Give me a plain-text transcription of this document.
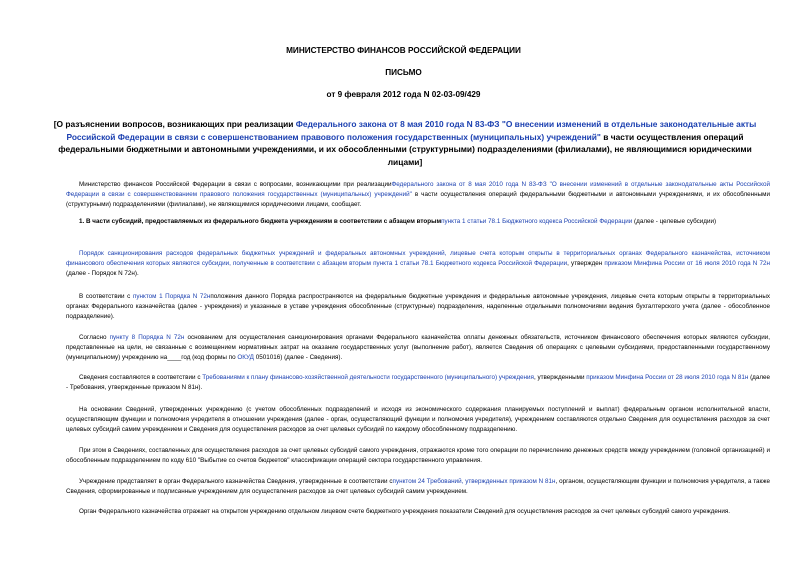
МИНИСТЕРСТВО ФИНАНСОВ РОССИЙСКОЙ ФЕДЕРАЦИИ
ПИСЬМО
от 9 февраля 2012 года N 02-03-09/429
[О разъяснении вопросов, возникающих при реализации Федерального закона от 8 мая 2010 года N 83-ФЗ "О внесении изменений в отдельные законодательные акты Российской Федерации в связи с совершенствованием правового положения государственных (муниципальных) учреждений" в части осуществления операций федеральными бюджетными и автономными учреждениями, и их обособленными (структурными) подразделениями (филиалами), не являющимися юридическими лицами]
Министерство финансов Российской Федерации в связи с вопросами, возникающими при реализацииФедерального закона от 8 мая 2010 года N 83-ФЗ "О внесении изменений в отдельные законодательные акты Российской Федерации в связи с совершенствованием правового положения государственных (муниципальных) учреждений" в части осуществления операций федеральными бюджетными и автономными учреждениями, и их обособленными (структурными) подразделениями (филиалами), не являющимися юридическими лицами, сообщает.
1. В части субсидий, предоставляемых из федерального бюджета учреждениям в соответствии с абзацем вторымпункта 1 статьи 78.1 Бюджетного кодекса Российской Федерации (далее - целевые субсидии)
Порядок санкционирования расходов федеральных бюджетных учреждений и федеральных автономных учреждений, лицевые счета которым открыты в территориальных органах Федерального казначейства, источником финансового обеспечения которых являются субсидии, полученные в соответствии с абзацем вторым пункта 1 статьи 78.1 Бюджетного кодекса Российской Федерации, утвержден приказом Минфина России от 16 июля 2010 года N 72н (далее - Порядок N 72н).
В соответствии с пунктом 1 Порядка N 72нположения данного Порядка распространяются на федеральные бюджетные учреждения и федеральные автономные учреждения, лицевые счета которым открыты в территориальных органах Федерального казначейства (далее - учреждения) и указанные в уставе учреждения обособленные (структурные) подразделения, наделенные отдельными полномочиями ведения бухгалтерского учета (далее - обособленное подразделение).
Согласно пункту 8 Порядка N 72н основанием для осуществления санкционирования органами Федерального казначейства оплаты денежных обязательств, источником финансового обеспечения которых являются субсидии, представленные на цели, не связанные с возмещением нормативных затрат на оказание государственных услуг (выполнение работ), является Сведения об операциях с целевыми субсидиями, предоставленными государственному (муниципальному) учреждению на____год (код формы по ОКУД 0501016) (далее - Сведения).
Сведения составляются в соответствии с Требованиями к плану финансово-хозяйственной деятельности государственного (муниципального) учреждения, утвержденными приказом Минфина России от 28 июля 2010 года N 81н (далее - Требования, утвержденные приказом N 81н).
На основании Сведений, утвержденных учреждению (с учетом обособленных подразделений и исходя из экономического содержания планируемых поступлений и выплат) федеральным органом исполнительной власти, осуществляющим функции и полномочия учредителя в отношении учреждения (далее - орган, осуществляющий функции и полномочия учредителя), учреждением составляются отдельно Сведения для осуществления расходов за счет целевых субсидий самим учреждением и Сведения для осуществления расходов за счет целевых субсидий по каждому обособленному подразделению.
При этом в Сведениях, составленных для осуществления расходов за счет целевых субсидий самого учреждения, отражаются кроме того операции по перечислению денежных средств между учреждением (головной организацией) и обособленным подразделением по коду 610 "Выбытие со счетов бюджетов" классификации операций сектора государственного управления.
Учреждение представляет в орган Федерального казначейства Сведения, утвержденные в соответствии спунктом 24 Требований, утвержденных приказом N 81н, органом, осуществляющим функции и полномочия учредителя, а также Сведения, сформированные и подписанные учреждением для осуществления расходов за счет целевых субсидий самим учреждением.
Орган Федерального казначейства отражает на открытом учреждению отдельном лицевом счете бюджетного учреждения показатели Сведений для осуществления расходов за счет целевых субсидий самого учреждения.
